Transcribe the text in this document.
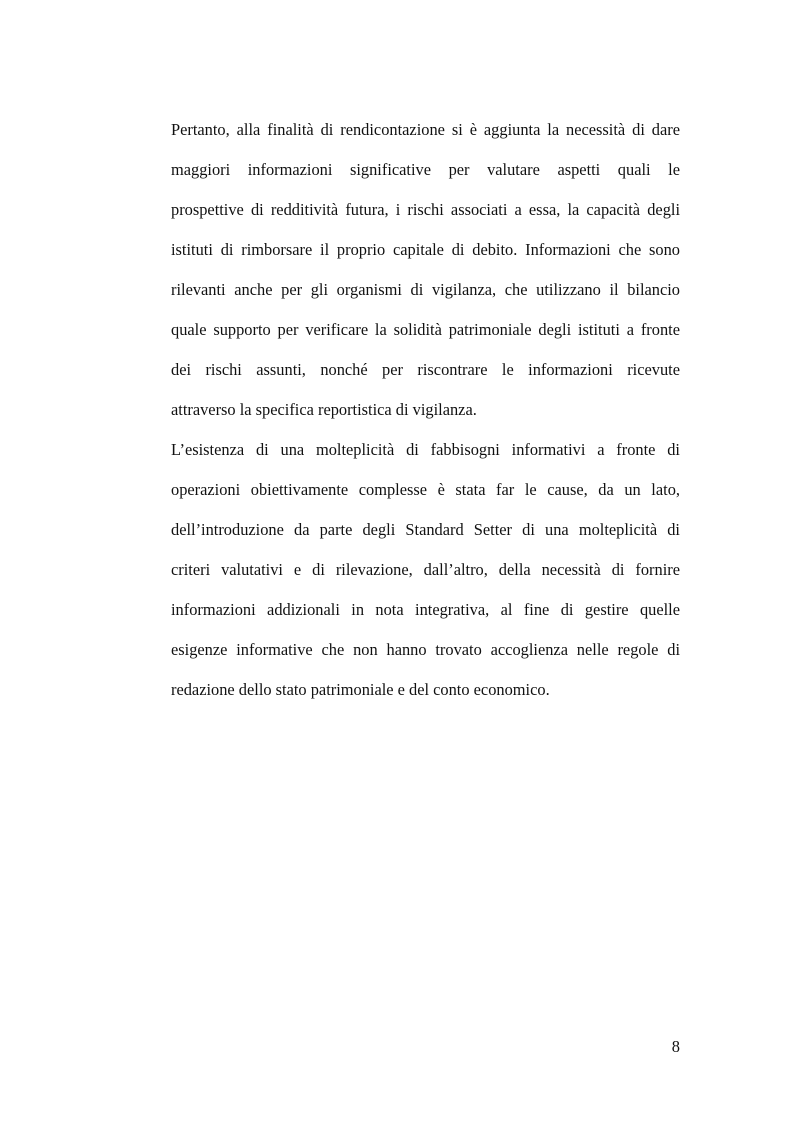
Pertanto, alla finalità di rendicontazione si è aggiunta la necessità di dare
maggiori informazioni significative per valutare aspetti quali le
prospettive di redditività futura, i rischi associati a essa, la capacità degli
istituti di rimborsare il proprio capitale di debito. Informazioni che sono
rilevanti anche per gli organismi di vigilanza, che utilizzano il bilancio
quale supporto per verificare la solidità patrimoniale degli istituti a fronte
dei rischi assunti, nonché per riscontrare le informazioni ricevute
attraverso la specifica reportistica di vigilanza.
L’esistenza di una molteplicità di fabbisogni informativi a fronte di
operazioni obiettivamente complesse è stata far le cause, da un lato,
dell’introduzione da parte degli Standard Setter di una molteplicità di
criteri valutativi e di rilevazione, dall’altro, della necessità di fornire
informazioni addizionali in nota integrativa, al fine di gestire quelle
esigenze informative che non hanno trovato accoglienza nelle regole di
redazione dello stato patrimoniale e del conto economico.
8
